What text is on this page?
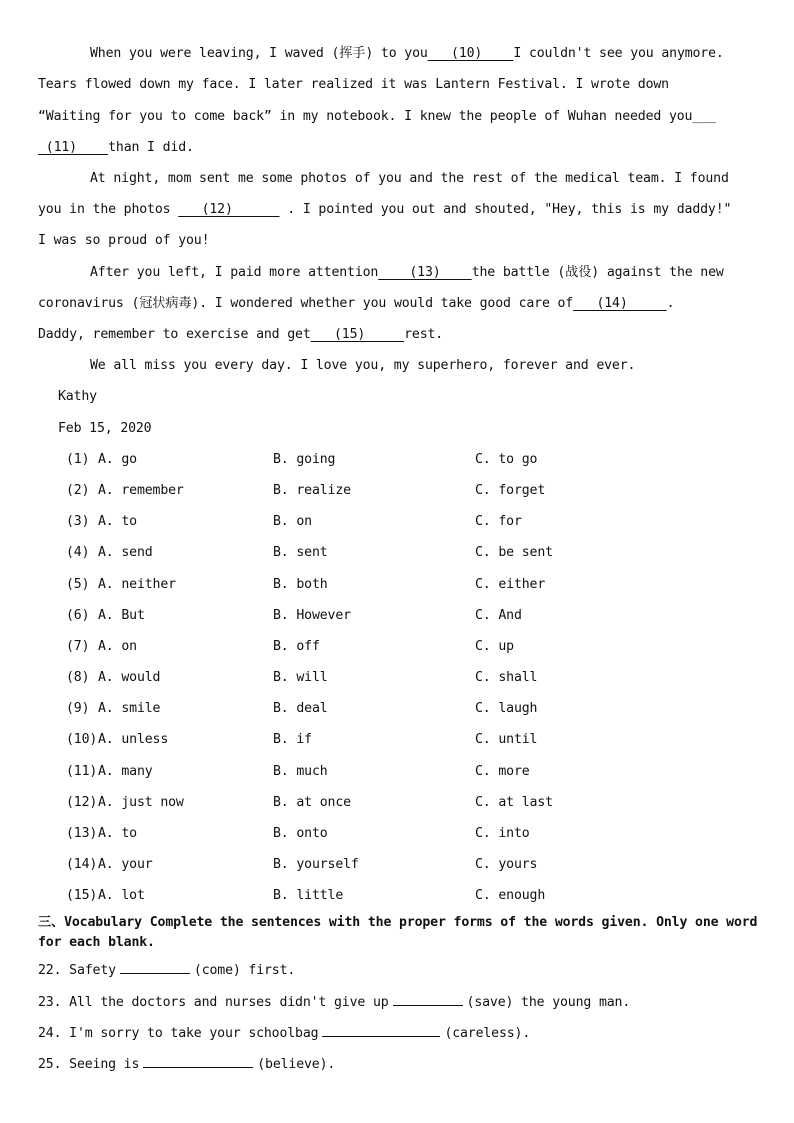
When you were leaving, I waved (挥手) to you   (10)    I couldn't see you anymore.
Tears flowed down my face. I later realized it was Lantern Festival. I wrote down
“Waiting for you to come back” in my notebook. I knew the people of Wuhan needed you___
(11)    than I did.
At night, mom sent me some photos of you and the rest of the medical team. I found
you in the photos    (12)       . I pointed you out and shouted, "Hey, this is my daddy!"
I was so proud of you!
After you left, I paid more attention    (13)    the battle (战役) against the new
coronavirus (冠状病毒). I wondered whether you would take good care of   (14)     .
Daddy, remember to exercise and get   (15)     rest.
We all miss you every day. I love you, my superhero, forever and ever.
Kathy
Feb 15, 2020
(1) A. go	B. going	C. to go
(2) A. remember	B. realize	C. forget
(3) A. to	B. on	C. for
(4) A. send	B. sent	C. be sent
(5) A. neither	B. both	C. either
(6) A. But	B. However	C. And
(7) A. on	B. off	C. up
(8) A. would	B. will	C. shall
(9) A. smile	B. deal	C. laugh
(10) A. unless	B. if	C. until
(11) A. many	B. much	C. more
(12) A. just now	B. at once	C. at last
(13) A. to	B. onto	C. into
(14) A. your	B. yourself	C. yours
(15) A. lot	B. little	C. enough
三、Vocabulary Complete the sentences with the proper forms of the words given. Only one word for each blank.
22. Safety	(come) first.
23. All the doctors and nurses didn't give up	(save) the young man.
24. I'm sorry to take your schoolbag	(careless).
25. Seeing is	(believe).
